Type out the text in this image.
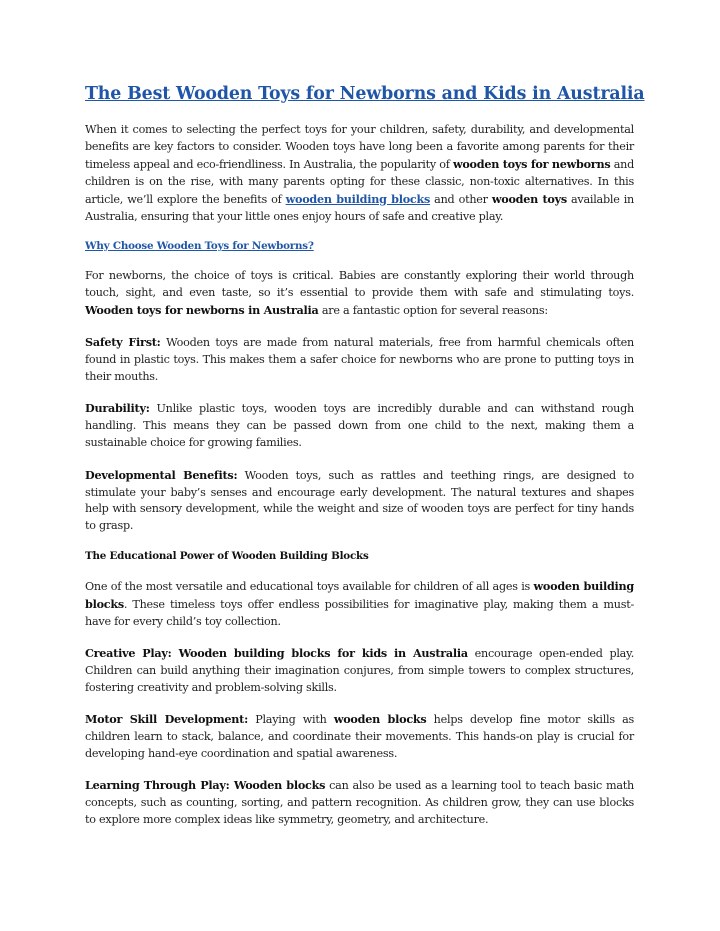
The Best Wooden Toys for Newborns and Kids in Australia

When it comes to selecting the perfect toys for your children, safety, durability, and developmental benefits are key factors to consider. Wooden toys have long been a favorite among parents for their timeless appeal and eco-friendliness. In Australia, the popularity of wooden toys for newborns and children is on the rise, with many parents opting for these classic, non-toxic alternatives. In this article, we’ll explore the benefits of wooden building blocks and other wooden toys available in Australia, ensuring that your little ones enjoy hours of safe and creative play.

Why Choose Wooden Toys for Newborns?

For newborns, the choice of toys is critical. Babies are constantly exploring their world through touch, sight, and even taste, so it’s essential to provide them with safe and stimulating toys. Wooden toys for newborns in Australia are a fantastic option for several reasons:

Safety First: Wooden toys are made from natural materials, free from harmful chemicals often found in plastic toys. This makes them a safer choice for newborns who are prone to putting toys in their mouths.

Durability: Unlike plastic toys, wooden toys are incredibly durable and can withstand rough handling. This means they can be passed down from one child to the next, making them a sustainable choice for growing families.

Developmental Benefits: Wooden toys, such as rattles and teething rings, are designed to stimulate your baby’s senses and encourage early development. The natural textures and shapes help with sensory development, while the weight and size of wooden toys are perfect for tiny hands to grasp.

The Educational Power of Wooden Building Blocks

One of the most versatile and educational toys available for children of all ages is wooden building blocks. These timeless toys offer endless possibilities for imaginative play, making them a must-have for every child’s toy collection.

Creative Play: Wooden building blocks for kids in Australia encourage open-ended play. Children can build anything their imagination conjures, from simple towers to complex structures, fostering creativity and problem-solving skills.

Motor Skill Development: Playing with wooden blocks helps develop fine motor skills as children learn to stack, balance, and coordinate their movements. This hands-on play is crucial for developing hand-eye coordination and spatial awareness.

Learning Through Play: Wooden blocks can also be used as a learning tool to teach basic math concepts, such as counting, sorting, and pattern recognition. As children grow, they can use blocks to explore more complex ideas like symmetry, geometry, and architecture.
